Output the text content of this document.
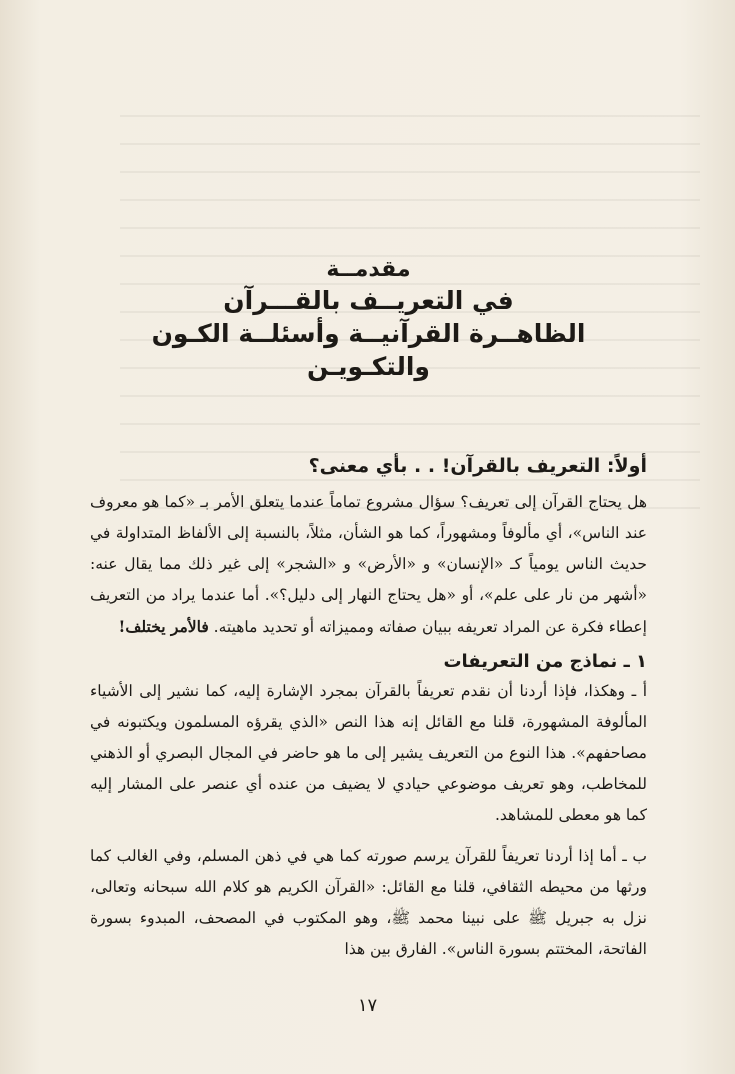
مقدمــة

في التعريــف بالقـــرآن

الظاهــرة القرآنيــة وأسئلــة الكـون والتكـويـن

أولاً: التعريف بالقرآن! . . بأي معنى؟

هل يحتاج القرآن إلى تعريف؟ سؤال مشروع تماماً عندما يتعلق الأمر بـ «كما هو معروف عند الناس»، أي مألوفاً ومشهوراً، كما هو الشأن، مثلاً، بالنسبة إلى الألفاظ المتداولة في حديث الناس يومياً كـ «الإنسان» و «الأرض» و «الشجر» إلى غير ذلك مما يقال عنه: «أشهر من نار على علم»، أو «هل يحتاج النهار إلى دليل؟». أما عندما يراد من التعريف إعطاء فكرة عن المراد تعريفه ببيان صفاته ومميزاته أو تحديد ماهيته. فالأمر يختلف!

١ ـ نماذج من التعريفات

أ ـ وهكذا، فإذا أردنا أن نقدم تعريفاً بالقرآن بمجرد الإشارة إليه، كما نشير إلى الأشياء المألوفة المشهورة، قلنا مع القائل إنه هذا النص «الذي يقرؤه المسلمون ويكتبونه في مصاحفهم». هذا النوع من التعريف يشير إلى ما هو حاضر في المجال البصري أو الذهني للمخاطب، وهو تعريف موضوعي حيادي لا يضيف من عنده أي عنصر على المشار إليه كما هو معطى للمشاهد.

ب ـ أما إذا أردنا تعريفاً للقرآن يرسم صورته كما هي في ذهن المسلم، وفي الغالب كما ورثها من محيطه الثقافي، قلنا مع القائل: «القرآن الكريم هو كلام الله سبحانه وتعالى، نزل به جبريل ﷺ على نبينا محمد ﷺ، وهو المكتوب في المصحف، المبدوء بسورة الفاتحة، المختتم بسورة الناس». الفارق بين هذا

١٧
